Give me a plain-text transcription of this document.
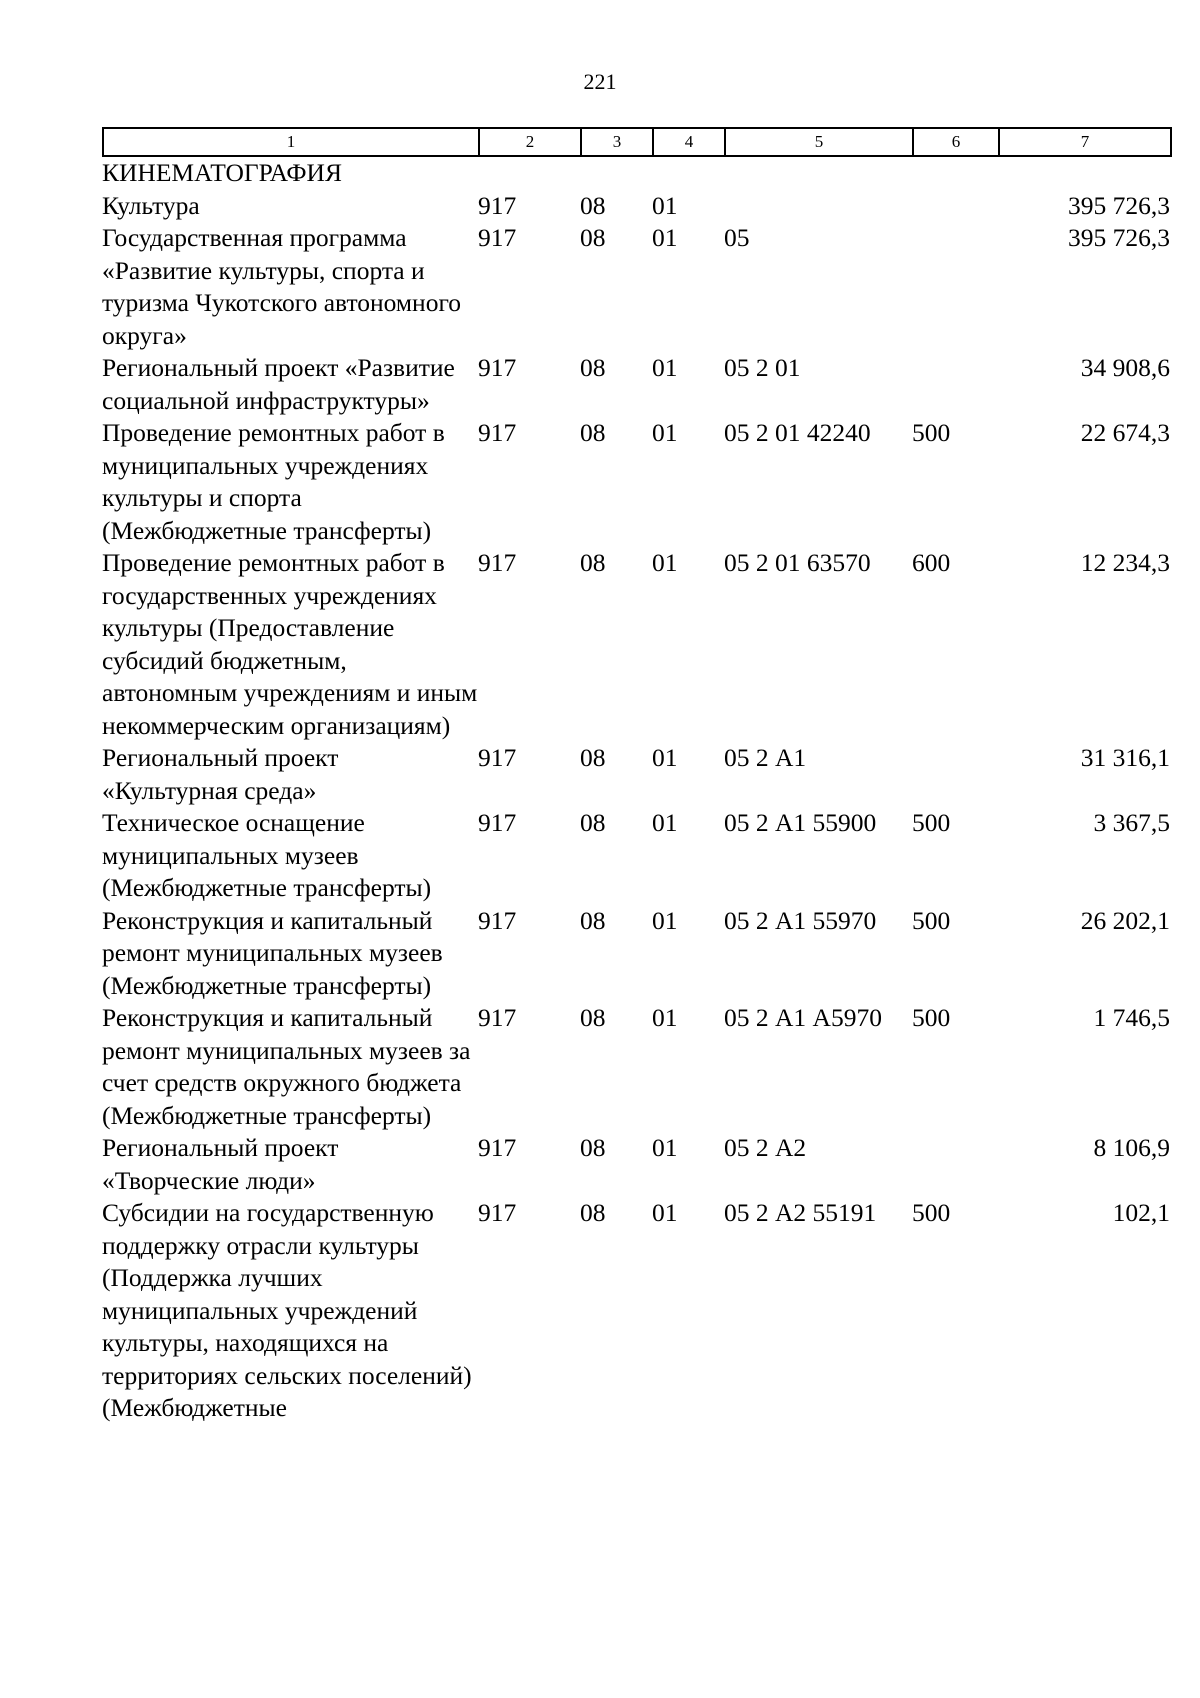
221
1	2	3	4	5	6	7
КИНЕМАТОГРАФИЯ						
Культура	917	08	01			395 726,3
Государственная программа «Развитие культуры, спорта и туризма Чукотского автономного округа»	917	08	01	05		395 726,3
Региональный проект «Развитие социальной инфраструктуры»	917	08	01	05 2 01		34 908,6
Проведение ремонтных работ в муниципальных учреждениях культуры и спорта (Межбюджетные трансферты)	917	08	01	05 2 01 42240	500	22 674,3
Проведение ремонтных работ в государственных учреждениях культуры (Предоставление субсидий бюджетным, автономным учреждениям и иным некоммерческим организациям)	917	08	01	05 2 01 63570	600	12 234,3
Региональный проект «Культурная среда»	917	08	01	05 2 А1		31 316,1
Техническое оснащение муниципальных музеев (Межбюджетные трансферты)	917	08	01	05 2 А1 55900	500	3 367,5
Реконструкция и капитальный ремонт муниципальных музеев (Межбюджетные трансферты)	917	08	01	05 2 А1 55970	500	26 202,1
Реконструкция и капитальный ремонт муниципальных музеев за счет средств окружного бюджета (Межбюджетные трансферты)	917	08	01	05 2 А1 А5970	500	1 746,5
Региональный проект «Творческие люди»	917	08	01	05 2 А2		8 106,9
Субсидии на государственную поддержку отрасли культуры (Поддержка лучших муниципальных учреждений культуры, находящихся на территориях сельских поселений) (Межбюджетные	917	08	01	05 2 А2 55191	500	102,1
